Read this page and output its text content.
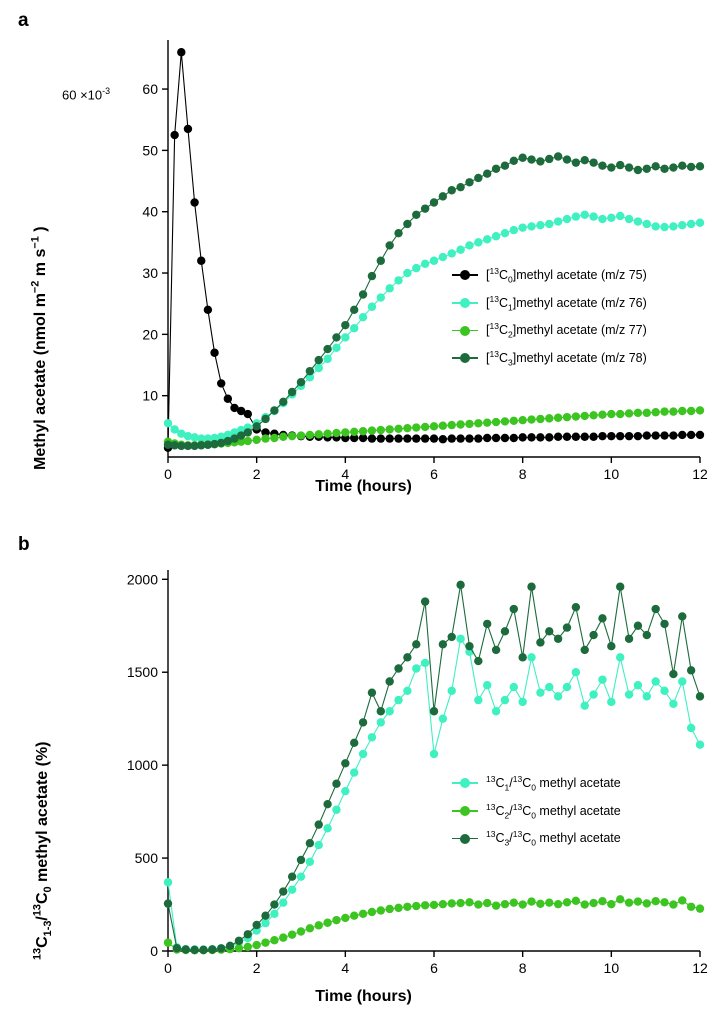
a
Methyl acetate (nmol $m^{-2}$ m $s^{-1}$ )
$60 \times 10^{-3}$
0	2	4	6	8	10	12
10
20
30
40
50
60
Time (hours)
$[^{13}C_0]methyl$ acetate (m/z 75)
$[^{13}C_1]methyl$ acetate (m/z 76)
$[^{13}C_2]methyl$ acetate (m/z 77)
$[^{13}C_3]methyl$ acetate (m/z 78)
b
$^{13}C_{1-3}/^{13}C_0$ methyl acetate (%)
0	2	4	6	8	10	12
0
500
1000
1500
2000
Time (hours)
$^{13}C_1/^{13}C_0$ methyl acetate
$^{13}C_2/^{13}C_0$ methyl acetate
$^{13}C_3/^{13}C_0$ methyl acetate
